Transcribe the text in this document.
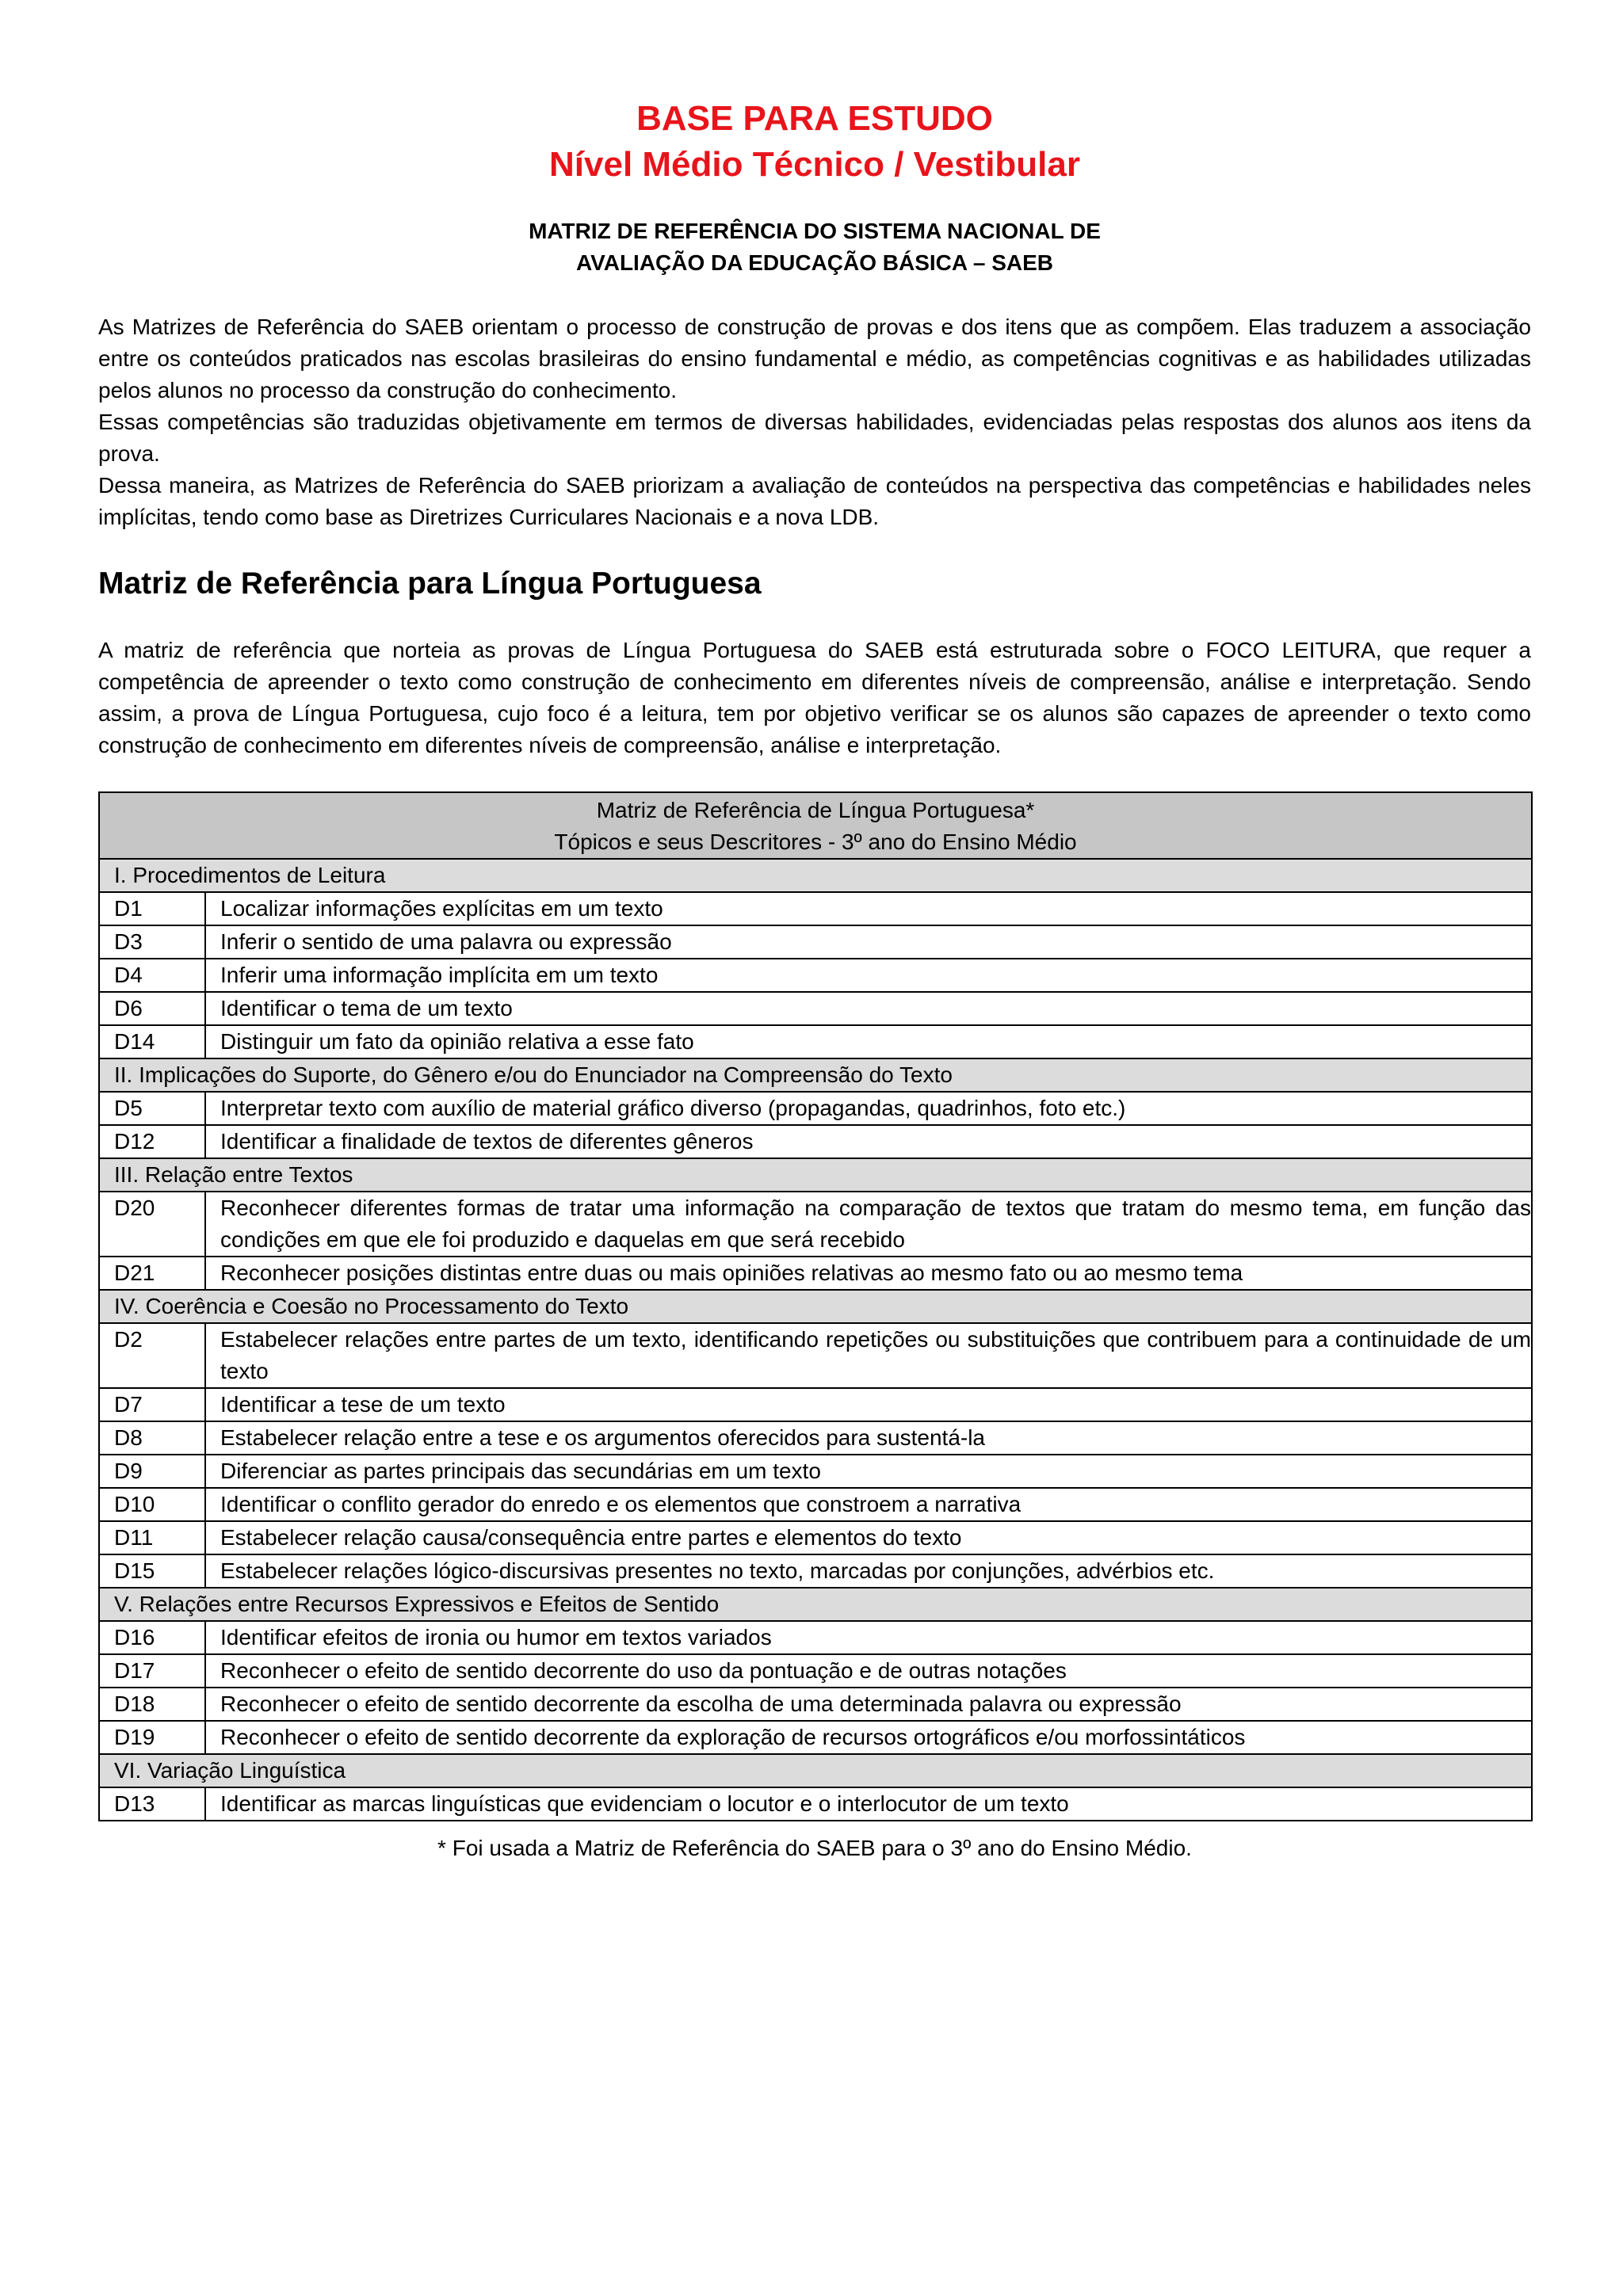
BASE PARA ESTUDO
Nível Médio Técnico / Vestibular
MATRIZ DE REFERÊNCIA DO SISTEMA NACIONAL DE
AVALIAÇÃO DA EDUCAÇÃO BÁSICA – SAEB

As Matrizes de Referência do SAEB orientam o processo de construção de provas e dos itens que as compõem. Elas traduzem a associação entre os conteúdos praticados nas escolas brasileiras do ensino fundamental e médio, as competências cognitivas e as habilidades utilizadas pelos alunos no processo da construção do conhecimento.

Essas competências são traduzidas objetivamente em termos de diversas habilidades, evidenciadas pelas respostas dos alunos aos itens da prova.

Dessa maneira, as Matrizes de Referência do SAEB priorizam a avaliação de conteúdos na perspectiva das competências e habilidades neles implícitas, tendo como base as Diretrizes Curriculares Nacionais e a nova LDB.

Matriz de Referência para Língua Portuguesa

A matriz de referência que norteia as provas de Língua Portuguesa do SAEB está estruturada sobre o FOCO LEITURA, que requer a competência de apreender o texto como construção de conhecimento em diferentes níveis de compreensão, análise e interpretação. Sendo assim, a prova de Língua Portuguesa, cujo foco é a leitura, tem por objetivo verificar se os alunos são capazes de apreender o texto como construção de conhecimento em diferentes níveis de compreensão, análise e interpretação.

Matriz de Referência de Língua Portuguesa*
Tópicos e seus Descritores - 3º ano do Ensino Médio	

I. Procedimentos de Leitura	
D1	Localizar informações explícitas em um texto
D3	Inferir o sentido de uma palavra ou expressão
D4	Inferir uma informação implícita em um texto
D6	Identificar o tema de um texto
D14	Distinguir um fato da opinião relativa a esse fato
II. Implicações do Suporte, do Gênero e/ou do Enunciador na Compreensão do Texto	
D5	Interpretar texto com auxílio de material gráfico diverso (propagandas, quadrinhos, foto etc.)
D12	Identificar a finalidade de textos de diferentes gêneros
III. Relação entre Textos	
D20	Reconhecer diferentes formas de tratar uma informação na comparação de textos que tratam do mesmo tema, em função das condições em que ele foi produzido e daquelas em que será recebido
D21	Reconhecer posições distintas entre duas ou mais opiniões relativas ao mesmo fato ou ao mesmo tema
IV. Coerência e Coesão no Processamento do Texto	
D2	Estabelecer relações entre partes de um texto, identificando repetições ou substituições que contribuem para a continuidade de um texto
D7	Identificar a tese de um texto
D8	Estabelecer relação entre a tese e os argumentos oferecidos para sustentá-la
D9	Diferenciar as partes principais das secundárias em um texto
D10	Identificar o conflito gerador do enredo e os elementos que constroem a narrativa
D11	Estabelecer relação causa/consequência entre partes e elementos do texto
D15	Estabelecer relações lógico-discursivas presentes no texto, marcadas por conjunções, advérbios etc.
V. Relações entre Recursos Expressivos e Efeitos de Sentido	
D16	Identificar efeitos de ironia ou humor em textos variados
D17	Reconhecer o efeito de sentido decorrente do uso da pontuação e de outras notações
D18	Reconhecer o efeito de sentido decorrente da escolha de uma determinada palavra ou expressão
D19	Reconhecer o efeito de sentido decorrente da exploração de recursos ortográficos e/ou morfossintáticos
VI. Variação Linguística	
D13	Identificar as marcas linguísticas que evidenciam o locutor e o interlocutor de um texto
* Foi usada a Matriz de Referência do SAEB para o 3º ano do Ensino Médio.
